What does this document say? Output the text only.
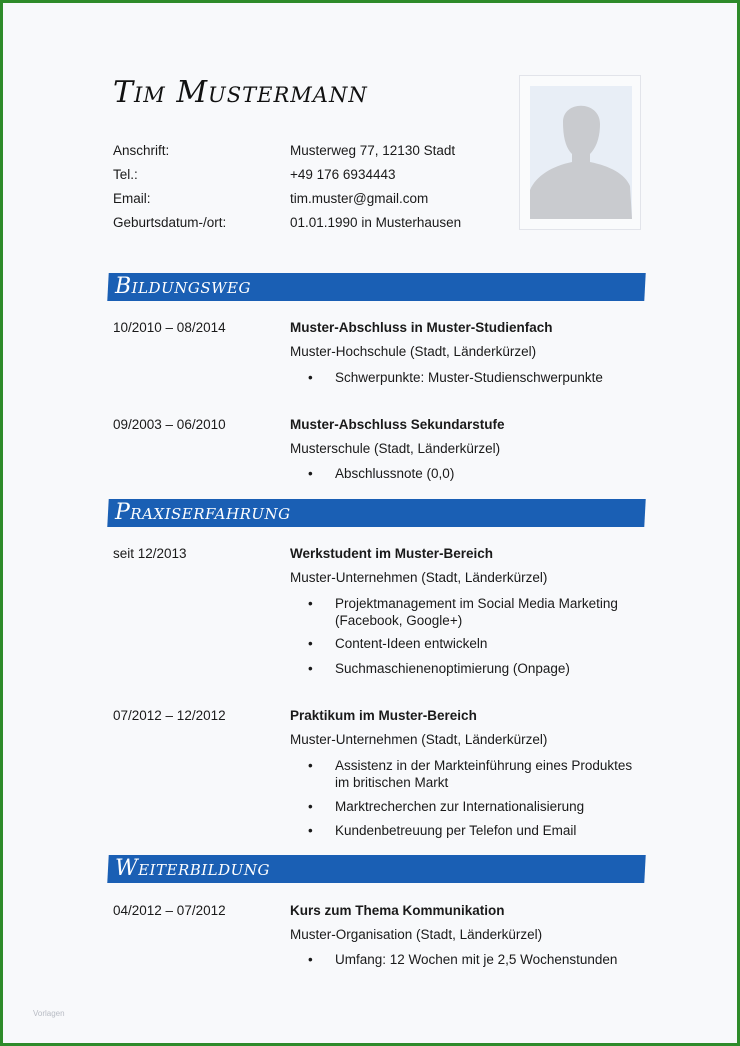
Tim Mustermann
Anschrift:	Musterweg 77, 12130 Stadt
Tel.:	+49 176 6934443
Email:	tim.muster@gmail.com
Geburtsdatum-/ort:	01.01.1990 in Musterhausen
Bildungsweg
10/2010 – 08/2014	Muster-Abschluss in Muster-Studienfach
Muster-Hochschule (Stadt, Länderkürzel)
• Schwerpunkte: Muster-Studienschwerpunkte
09/2003 – 06/2010	Muster-Abschluss Sekundarstufe
Musterschule (Stadt, Länderkürzel)
• Abschlussnote (0,0)
Praxiserfahrung
seit 12/2013	Werkstudent im Muster-Bereich
Muster-Unternehmen (Stadt, Länderkürzel)
• Projektmanagement im Social Media Marketing (Facebook, Google+)
• Content-Ideen entwickeln
• Suchmaschienenoptimierung (Onpage)
07/2012 – 12/2012	Praktikum im Muster-Bereich
Muster-Unternehmen (Stadt, Länderkürzel)
• Assistenz in der Markteinführung eines Produktes im britischen Markt
• Marktrecherchen zur Internationalisierung
• Kundenbetreuung per Telefon und Email
Weiterbildung
04/2012 – 07/2012	Kurs zum Thema Kommunikation
Muster-Organisation (Stadt, Länderkürzel)
• Umfang: 12 Wochen mit je 2,5 Wochenstunden
Vorlagen
